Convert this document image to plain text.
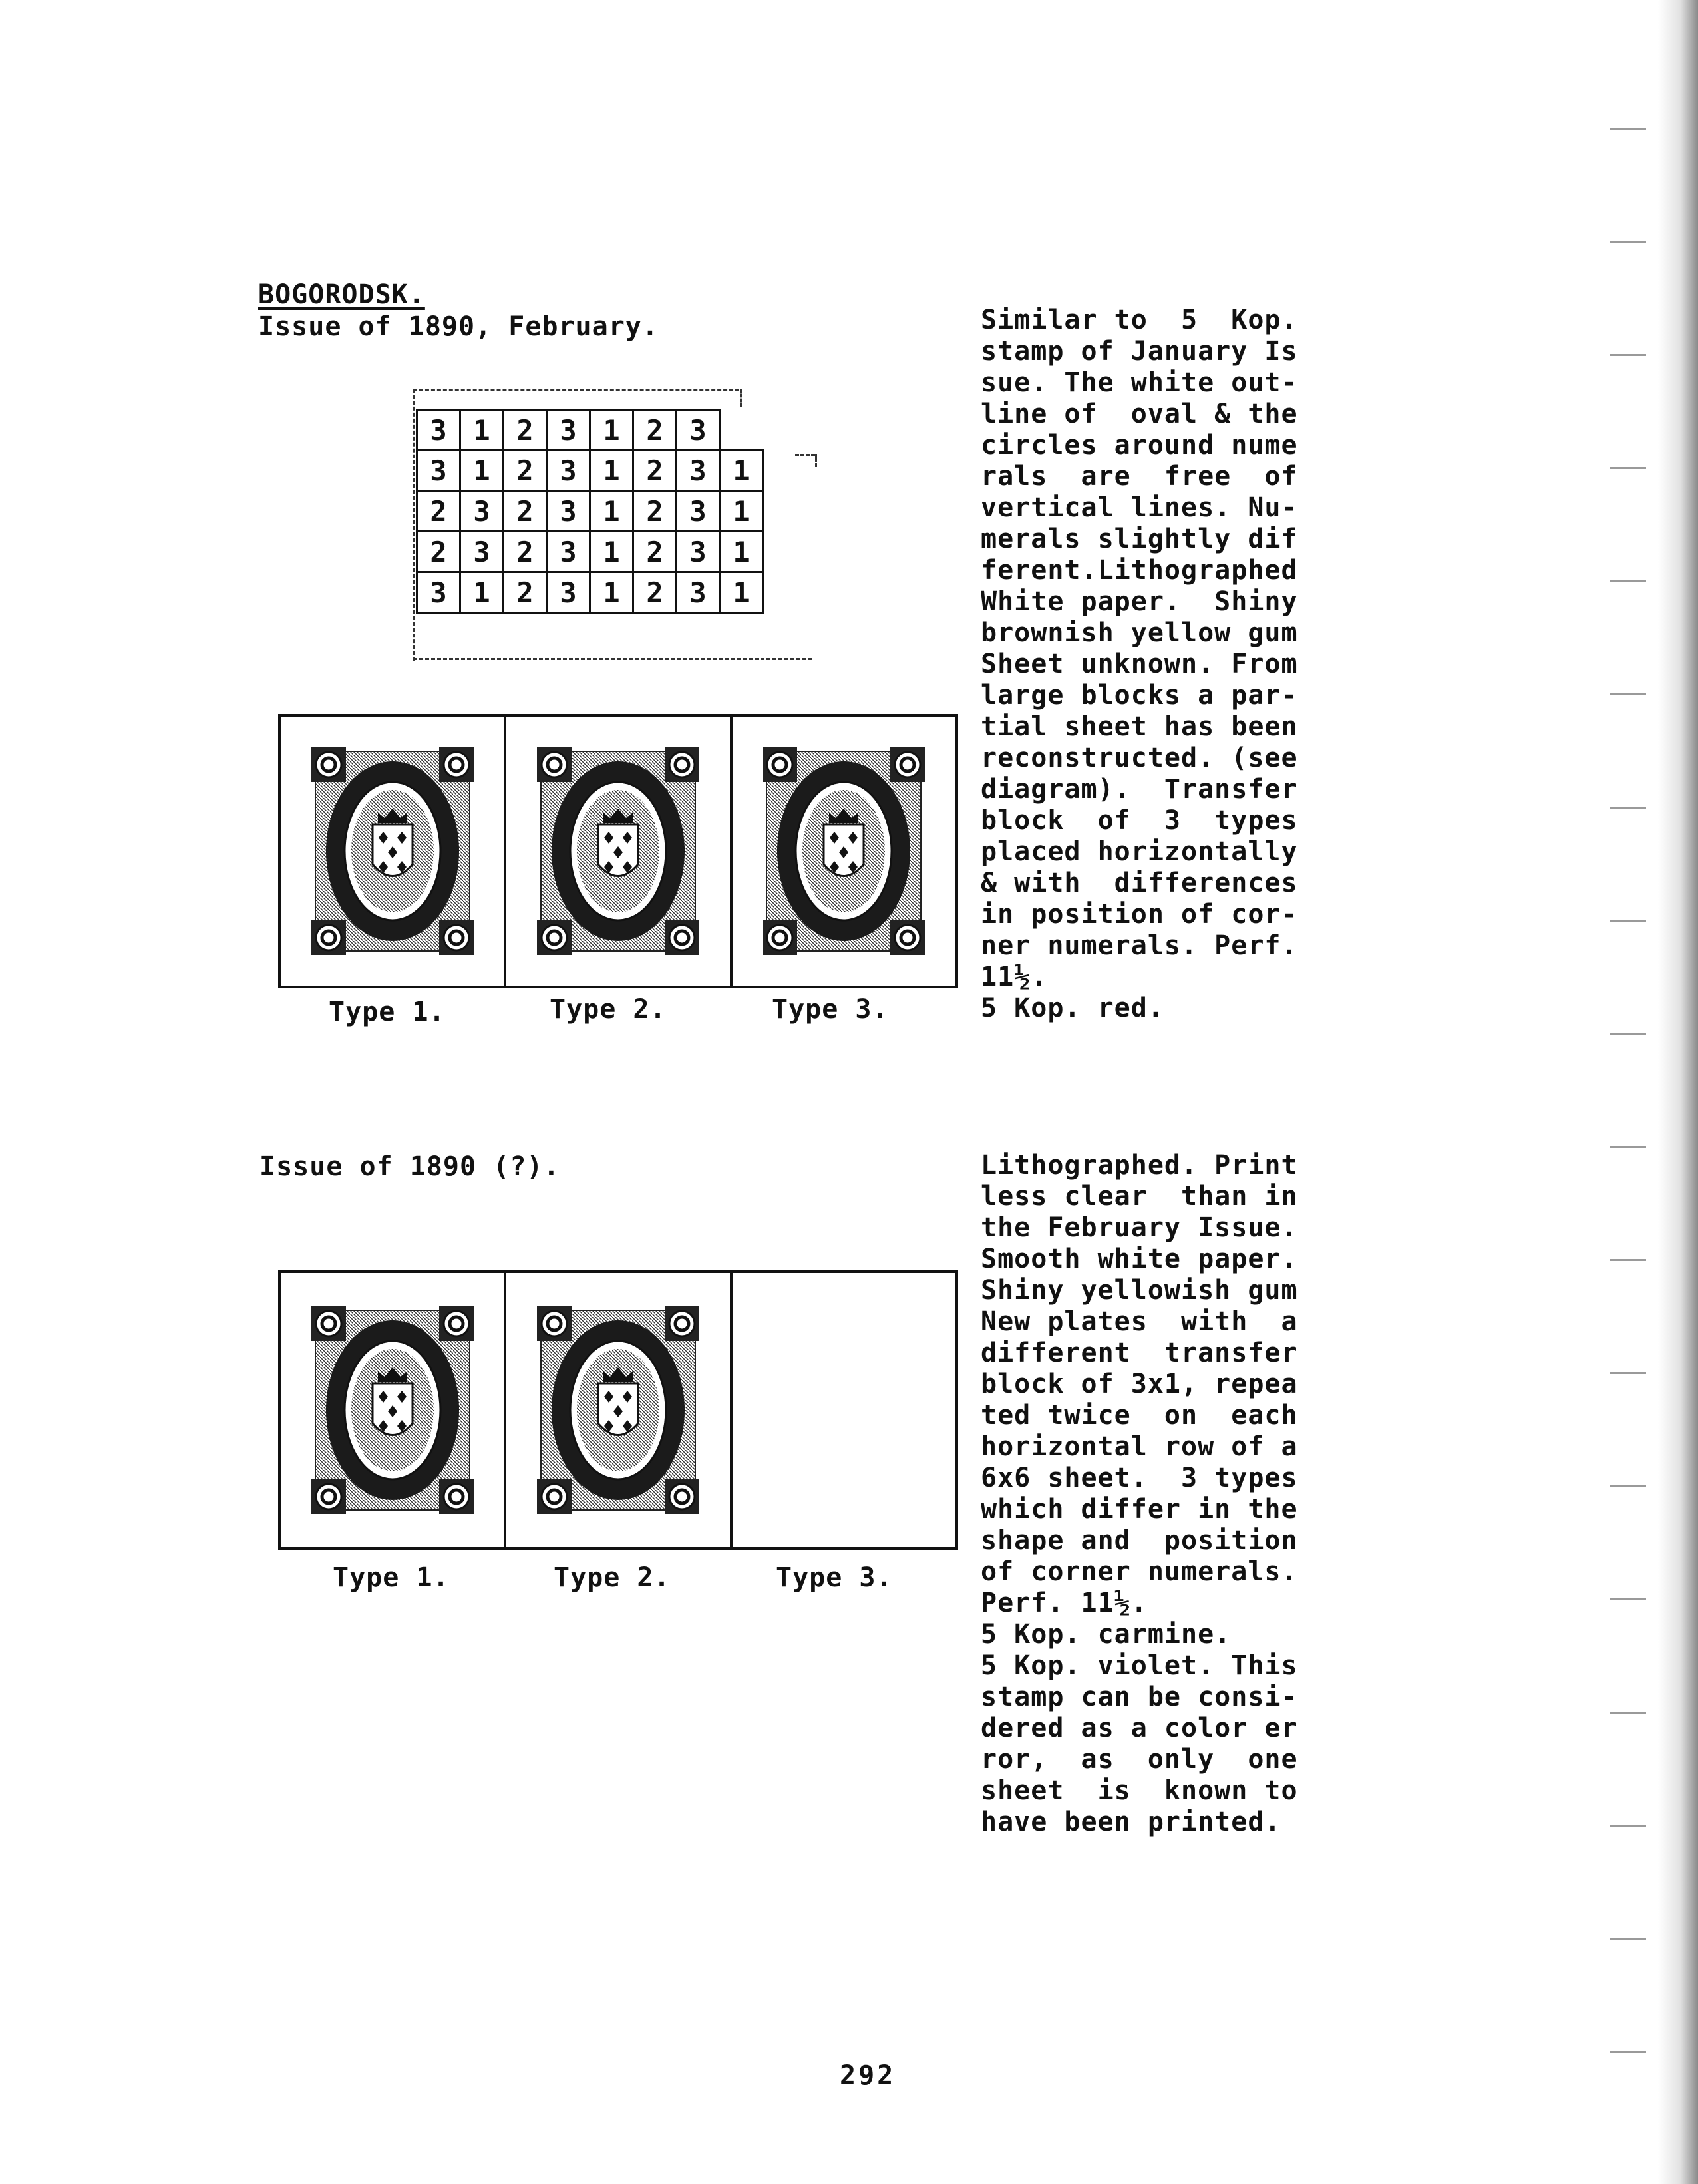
BOGORODSK.
Issue of 1890, February.
3 1 2 3 1 2 3
3 1 2 3 1 2 3 1
2 3 2 3 1 2 3 1
2 3 2 3 1 2 3 1
3 1 2 3 1 2 3 1
Type 1.	Type 2.	Type 3.
Similar to  5  Kop.
stamp of January Is
sue. The white out-
line of  oval & the
circles around nume
rals  are  free  of
vertical lines. Nu-
merals slightly dif
ferent.Lithographed
White paper.  Shiny
brownish yellow gum
Sheet unknown. From
large blocks a par-
tial sheet has been
reconstructed. (see
diagram).  Transfer
block  of  3  types
placed horizontally
& with  differences
in position of cor-
ner numerals. Perf.
11½.
5 Kop. red.
Issue of 1890 (?).
Type 1.	Type 2.	Type 3.
Lithographed. Print
less clear  than in
the February Issue.
Smooth white paper.
Shiny yellowish gum
New plates  with  a
different  transfer
block of 3x1, repea
ted twice  on  each
horizontal row of a
6x6 sheet.  3 types
which differ in the
shape and  position
of corner numerals.
Perf. 11½.
5 Kop. carmine.
5 Kop. violet. This
stamp can be consi-
dered as a color er
ror,  as  only  one
sheet  is  known to
have been printed.
292
